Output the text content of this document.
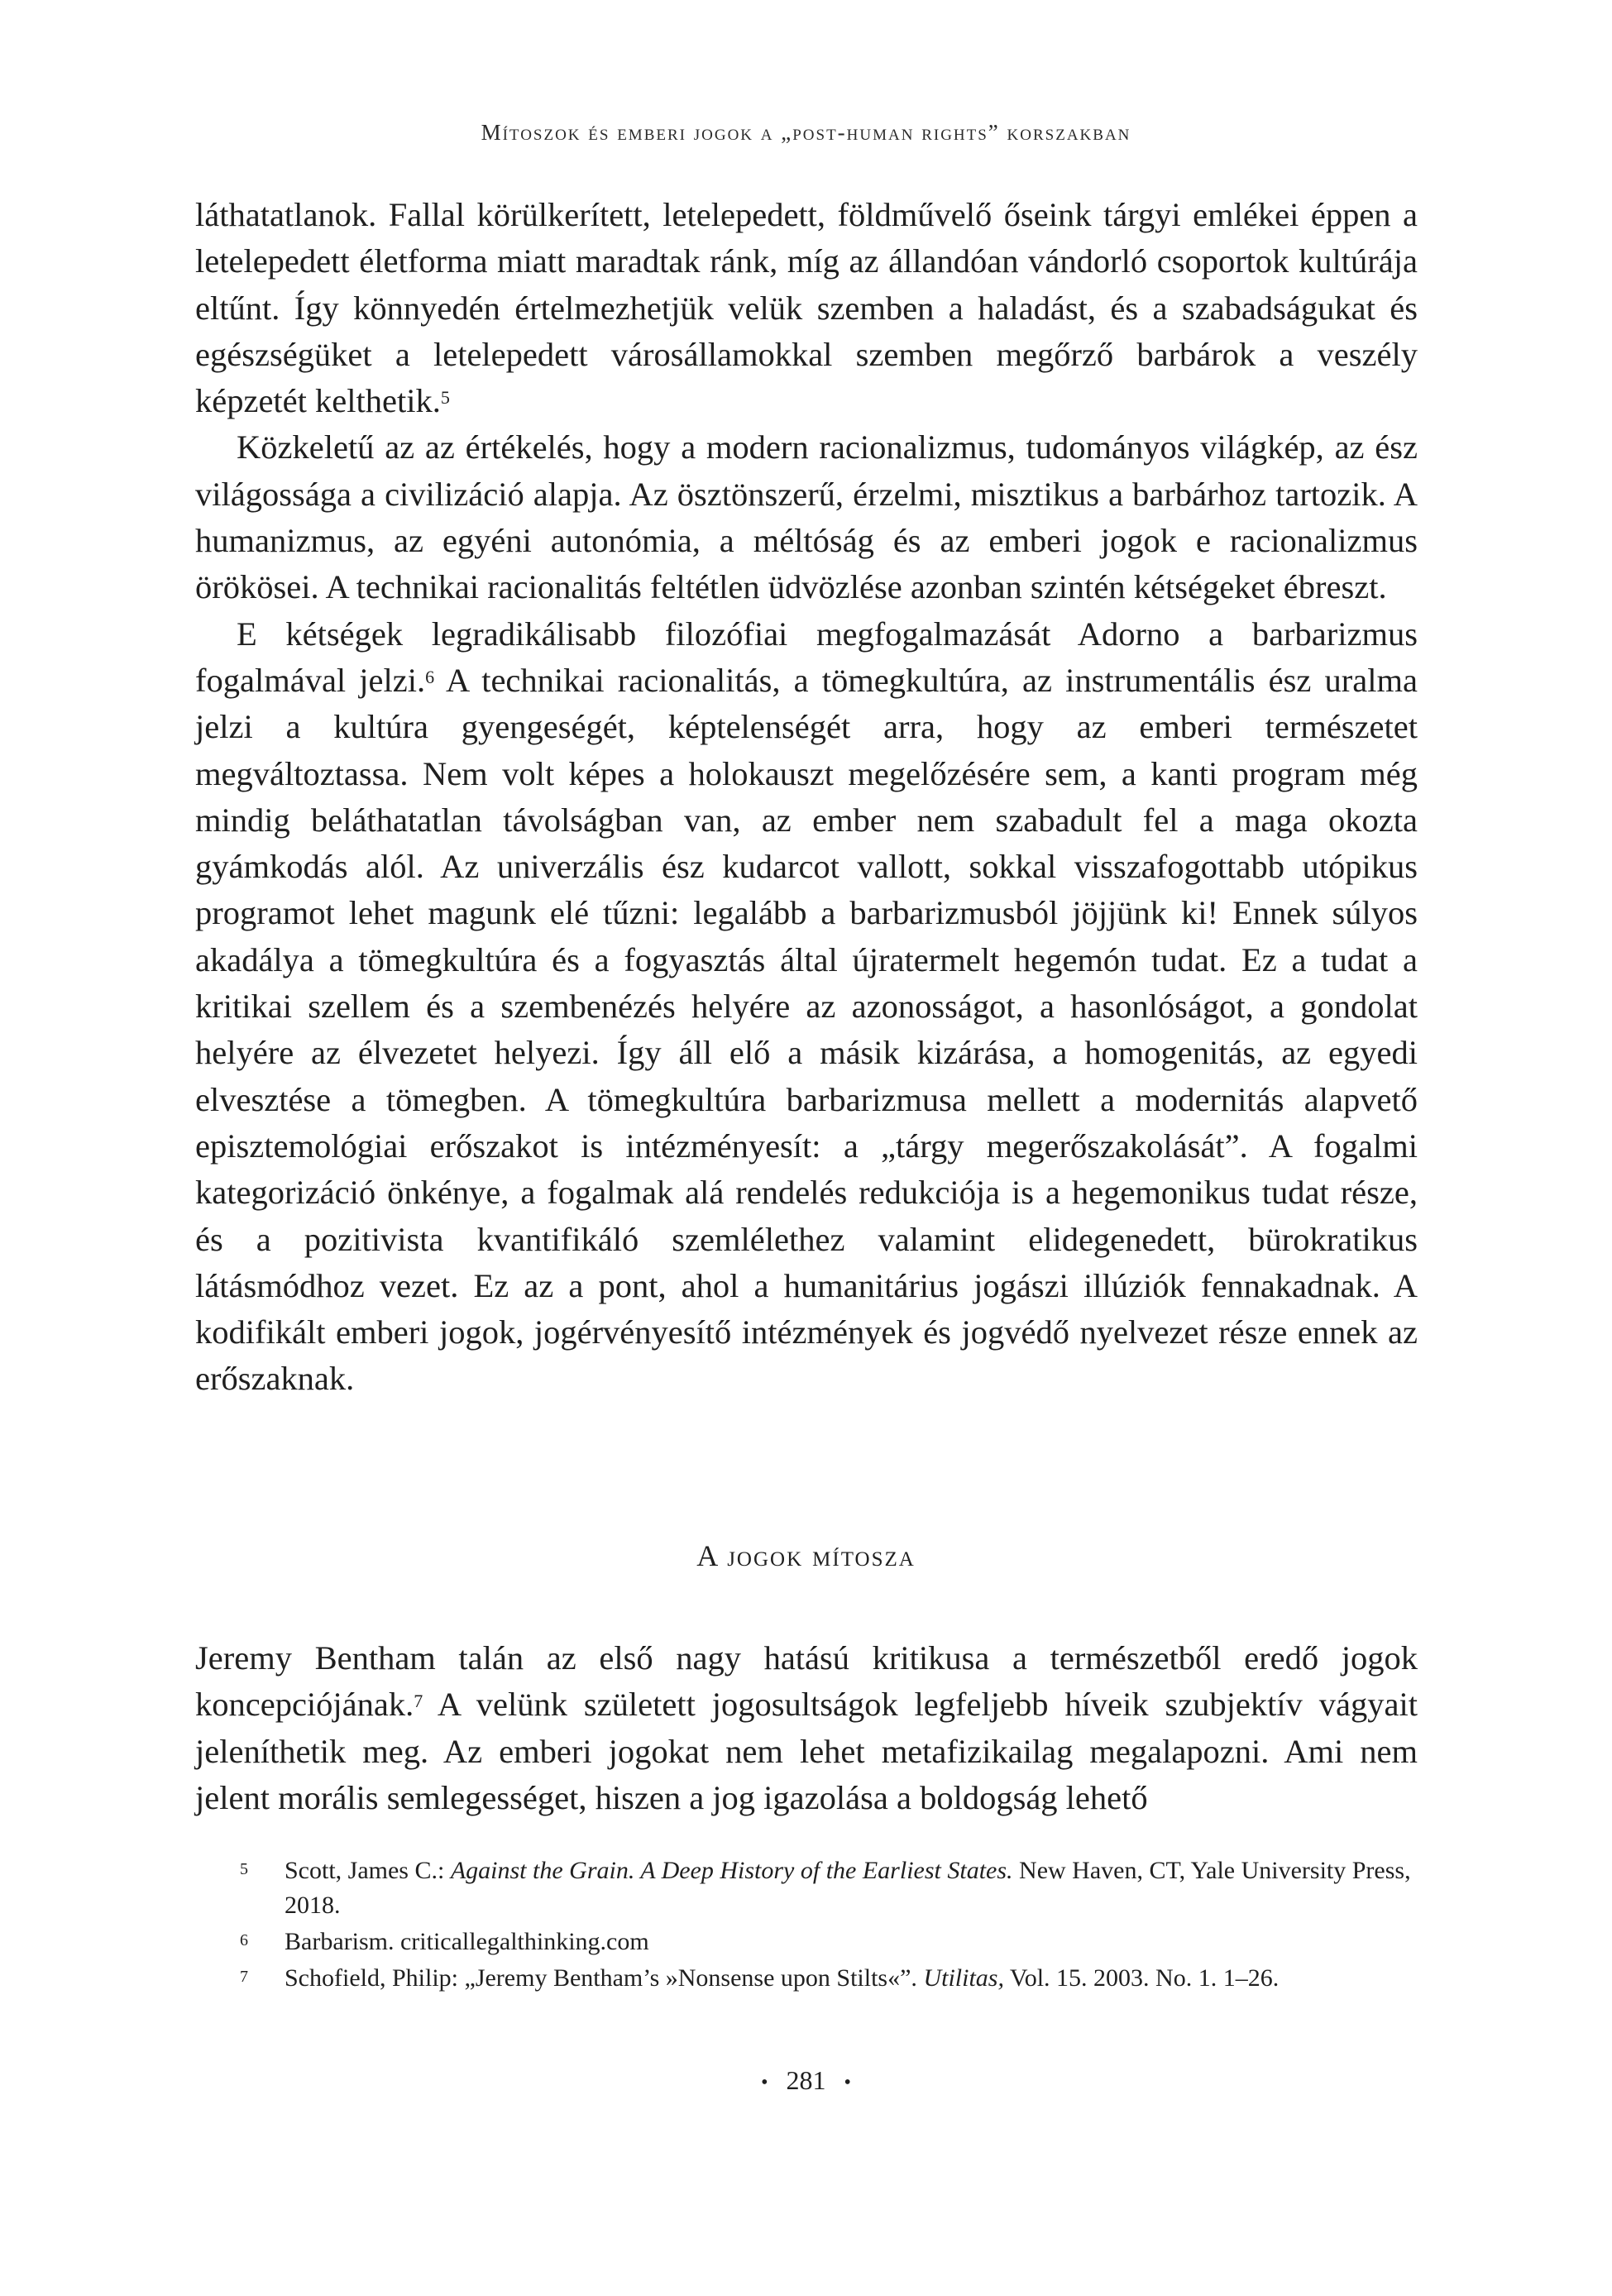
Mítoszok és emberi jogok a „post-human rights” korszakban

láthatatlanok. Fallal körülkerített, letelepedett, földművelő őseink tárgyi emlékei éppen a letelepedett életforma miatt maradtak ránk, míg az állandóan vándorló csoportok kultúrája eltűnt. Így könnyedén értelmezhetjük velük szemben a haladást, és a szabadságukat és egészségüket a letelepedett városállamokkal szemben megőrző barbárok a veszély képzetét kelthetik.$^5$

Közkeletű az az értékelés, hogy a modern racionalizmus, tudományos világkép, az ész világossága a civilizáció alapja. Az ösztönszerű, érzelmi, misztikus a barbárhoz tartozik. A humanizmus, az egyéni autonómia, a méltóság és az emberi jogok e racionalizmus örökösei. A technikai racionalitás feltétlen üdvözlése azonban szintén kétségeket ébreszt.

E kétségek legradikálisabb filozófiai megfogalmazását Adorno a barbarizmus fogalmával jelzi.$^6$ A technikai racionalitás, a tömegkultúra, az instrumentális ész uralma jelzi a kultúra gyengeségét, képtelenségét arra, hogy az emberi természetet megváltoztassa. Nem volt képes a holokauszt megelőzésére sem, a kanti program még mindig beláthatatlan távolságban van, az ember nem szabadult fel a maga okozta gyámkodás alól. Az univerzális ész kudarcot vallott, sokkal visszafogottabb utópikus programot lehet magunk elé tűzni: legalább a barbarizmusból jöjjünk ki! Ennek súlyos akadálya a tömegkultúra és a fogyasztás által újratermelt hegemón tudat. Ez a tudat a kritikai szellem és a szembenézés helyére az azonosságot, a hasonlóságot, a gondolat helyére az élvezetet helyezi. Így áll elő a másik kizárása, a homogenitás, az egyedi elvesztése a tömegben. A tömegkultúra barbarizmusa mellett a modernitás alapvető episztemológiai erőszakot is intézményesít: a „tárgy megerőszakolását”. A fogalmi kategorizáció önkénye, a fogalmak alá rendelés redukciója is a hegemonikus tudat része, és a pozitivista kvantifikáló szemlélethez valamint elidegenedett, bürokratikus látásmódhoz vezet. Ez az a pont, ahol a humanitárius jogászi illúziók fennakadnak. A kodifikált emberi jogok, jogérvényesítő intézmények és jogvédő nyelvezet része ennek az erőszaknak.

A jogok mítosza

Jeremy Bentham talán az első nagy hatású kritikusa a természetből eredő jogok koncepciójának.$^7$ A velünk született jogosultságok legfeljebb híveik szubjektív vágyait jeleníthetik meg. Az emberi jogokat nem lehet metafizikailag megalapozni. Ami nem jelent morális semlegességet, hiszen a jog igazolása a boldogság lehető

5 Scott, James C.: Against the Grain. A Deep History of the Earliest States. New Haven, CT, Yale University Press, 2018.
6 Barbarism. criticallegalthinking.com
7 Schofield, Philip: „Jeremy Bentham’s »Nonsense upon Stilts«”. Utilitas, Vol. 15. 2003. No. 1. 1–26.
• 281 •
